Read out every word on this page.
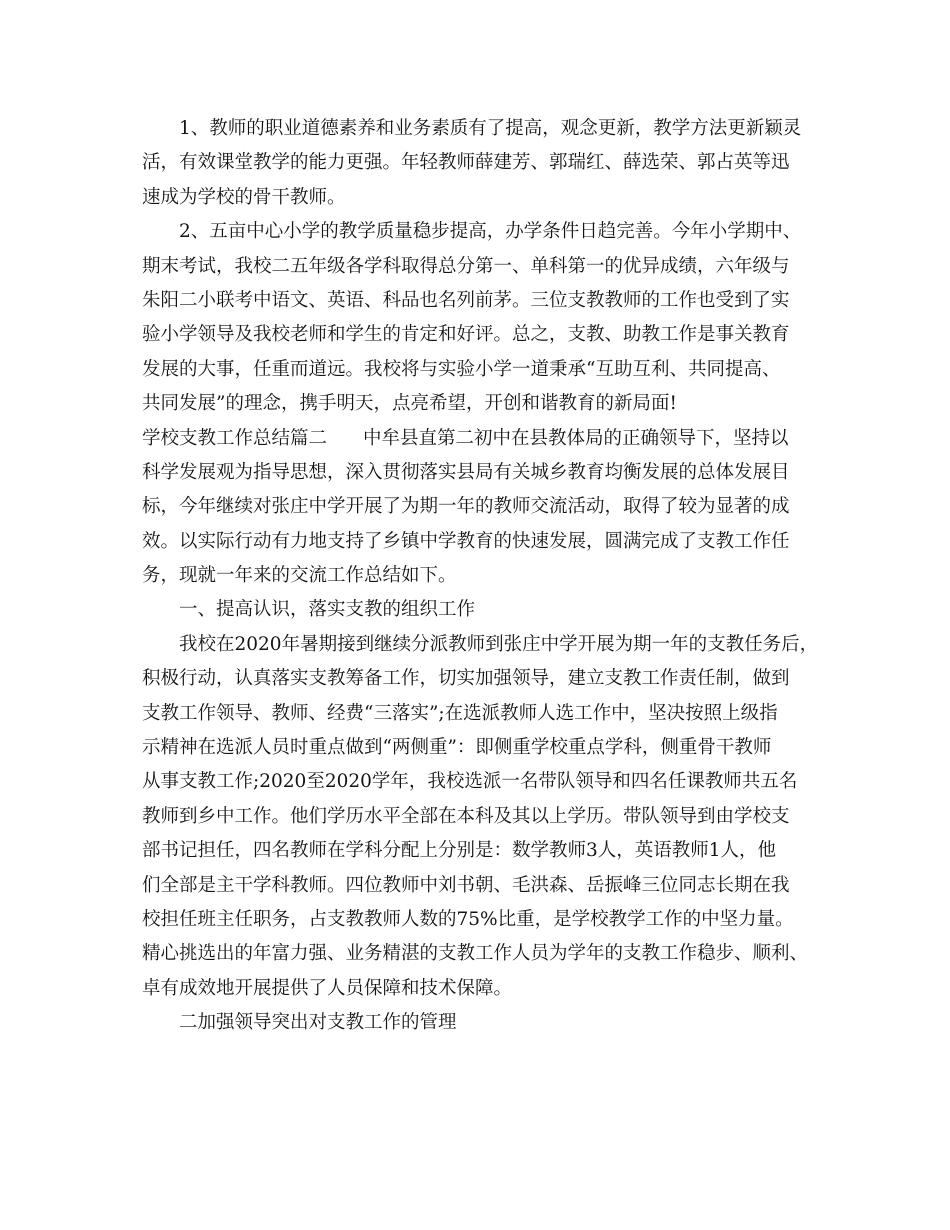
1、教师的职业道德素养和业务素质有了提高，观念更新，教学方法更新颖灵
活，有效课堂教学的能力更强。年轻教师薛建芳、郭瑞红、薛选荣、郭占英等迅
速成为学校的骨干教师。
2、五亩中心小学的教学质量稳步提高，办学条件日趋完善。今年小学期中、
期末考试，我校二五年级各学科取得总分第一、单科第一的优异成绩，六年级与
朱阳二小联考中语文、英语、科品也名列前茅。三位支教教师的工作也受到了实
验小学领导及我校老师和学生的肯定和好评。总之，支教、助教工作是事关教育
发展的大事，任重而道远。我校将与实验小学一道秉承“互助互利、共同提高、
共同发展”的理念，携手明天，点亮希望，开创和谐教育的新局面!
学校支教工作总结篇二 中牟县直第二初中在县教体局的正确领导下，坚持以
科学发展观为指导思想，深入贯彻落实县局有关城乡教育均衡发展的总体发展目
标，今年继续对张庄中学开展了为期一年的教师交流活动，取得了较为显著的成
效。以实际行动有力地支持了乡镇中学教育的快速发展，圆满完成了支教工作任
务，现就一年来的交流工作总结如下。
一、提高认识，落实支教的组织工作
我校在2020年暑期接到继续分派教师到张庄中学开展为期一年的支教任务后，
积极行动，认真落实支教筹备工作，切实加强领导，建立支教工作责任制，做到
支教工作领导、教师、经费“三落实”;在选派教师人选工作中，坚决按照上级指
示精神在选派人员时重点做到“两侧重”：即侧重学校重点学科，侧重骨干教师
从事支教工作;2020至2020学年，我校选派一名带队领导和四名任课教师共五名
教师到乡中工作。他们学历水平全部在本科及其以上学历。带队领导到由学校支
部书记担任，四名教师在学科分配上分别是：数学教师3人，英语教师1人，他
们全部是主干学科教师。四位教师中刘书朝、毛洪森、岳振峰三位同志长期在我
校担任班主任职务，占支教教师人数的75%比重，是学校教学工作的中坚力量。
精心挑选出的年富力强、业务精湛的支教工作人员为学年的支教工作稳步、顺利、
卓有成效地开展提供了人员保障和技术保障。
二加强领导突出对支教工作的管理
